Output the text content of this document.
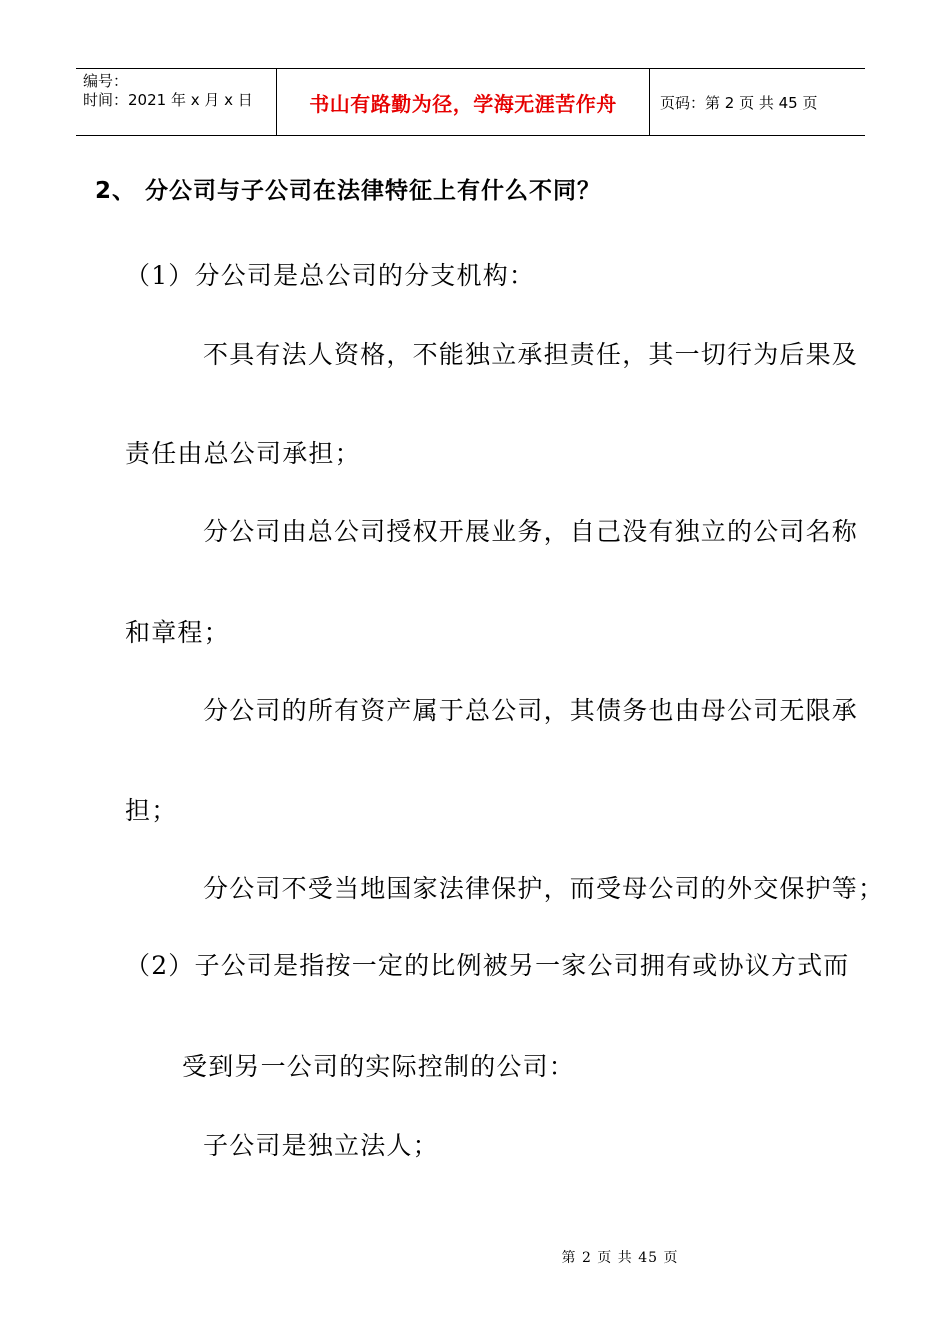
编号：
时间：2021 年 x 月 x 日	书山有路勤为径，学海无涯苦作舟	页码：第 2 页 共 45 页
2、 分公司与子公司在法律特征上有什么不同？
（1）分公司是总公司的分支机构：
不具有法人资格，不能独立承担责任，其一切行为后果及
责任由总公司承担；
分公司由总公司授权开展业务，自己没有独立的公司名称
和章程；
分公司的所有资产属于总公司，其债务也由母公司无限承
担；
分公司不受当地国家法律保护，而受母公司的外交保护等；
（2）子公司是指按一定的比例被另一家公司拥有或协议方式而
受到另一公司的实际控制的公司：
子公司是独立法人；
第 2 页 共 45 页
